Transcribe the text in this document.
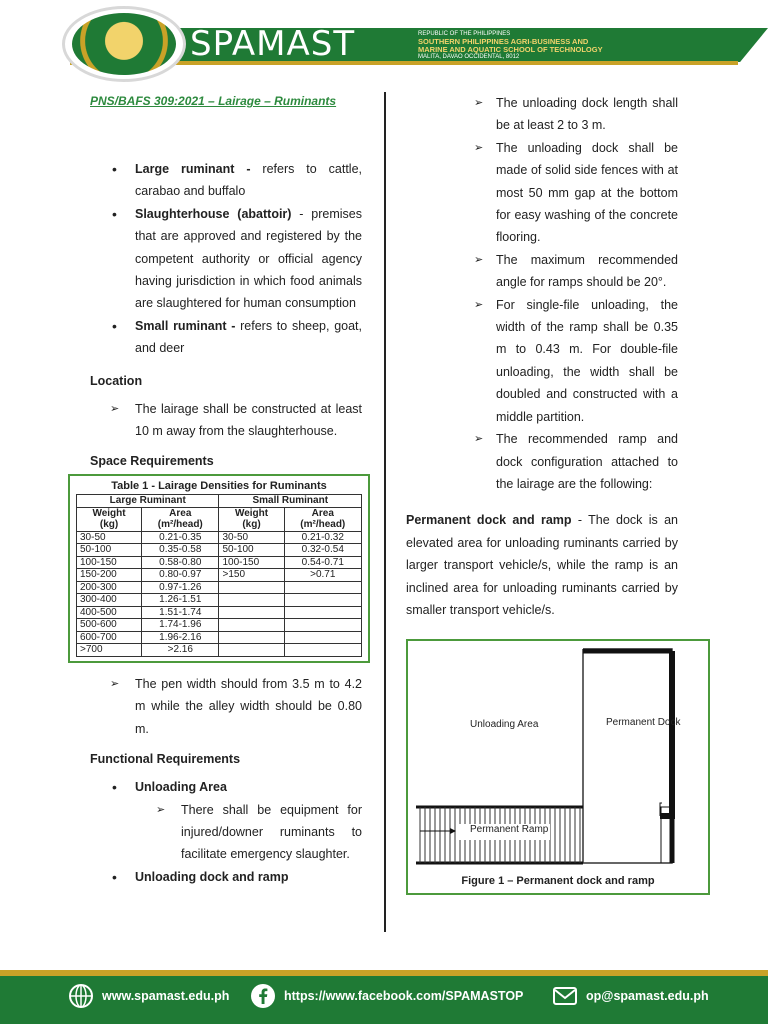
SPAMAST	REPUBLIC OF THE PHILIPPINES
SOUTHERN PHILIPPINES AGRI-BUSINESS AND
MARINE AND AQUATIC SCHOOL OF TECHNOLOGY
MALITA, DAVAO OCCIDENTAL, 8012
PNS/BAFS 309:2021 – Lairage – Ruminants
• Large ruminant - refers to cattle, carabao and buffalo
• Slaughterhouse (abattoir) - premises that are approved and registered by the competent authority or official agency having jurisdiction in which food animals are slaughtered for human consumption
• Small ruminant - refers to sheep, goat, and deer
Location
➢ The lairage shall be constructed at least 10 m away from the slaughterhouse.
Space Requirements
Table 1 - Lairage Densities for Ruminants
Large Ruminant		Small Ruminant	
Weight
(kg)	Area
(m²/head)	Weight
(kg)	Area
(m²/head)
30-50	0.21-0.35	30-50	0.21-0.32
50-100	0.35-0.58	50-100	0.32-0.54
100-150	0.58-0.80	100-150	0.54-0.71
150-200	0.80-0.97	>150	>0.71
200-300	0.97-1.26		
300-400	1.26-1.51		
400-500	1.51-1.74		
500-600	1.74-1.96		
600-700	1.96-2.16		
>700	>2.16		
➢ The pen width should from 3.5 m to 4.2 m while the alley width should be 0.80 m.
Functional Requirements
• Unloading Area
➢ There shall be equipment for injured/downer ruminants to facilitate emergency slaughter.
• Unloading dock and ramp
➢ The unloading dock length shall be at least 2 to 3 m.
➢ The unloading dock shall be made of solid side fences with at most 50 mm gap at the bottom for easy washing of the concrete flooring.
➢ The maximum recommended angle for ramps should be 20°.
➢ For single-file unloading, the width of the ramp shall be 0.35 m to 0.43 m. For double-file unloading, the width shall be doubled and constructed with a middle partition.
➢ The recommended ramp and dock configuration attached to the lairage are the following:

Permanent dock and ramp - The dock is an elevated area for unloading ruminants carried by larger transport vehicle/s, while the ramp is an inclined area for unloading ruminants carried by smaller transport vehicle/s.

Unloading Area	Permanent Dock
Permanent Ramp
Figure 1 – Permanent dock and ramp
www.spamast.edu.ph	https://www.facebook.com/SPAMASTOP	op@spamast.edu.ph
